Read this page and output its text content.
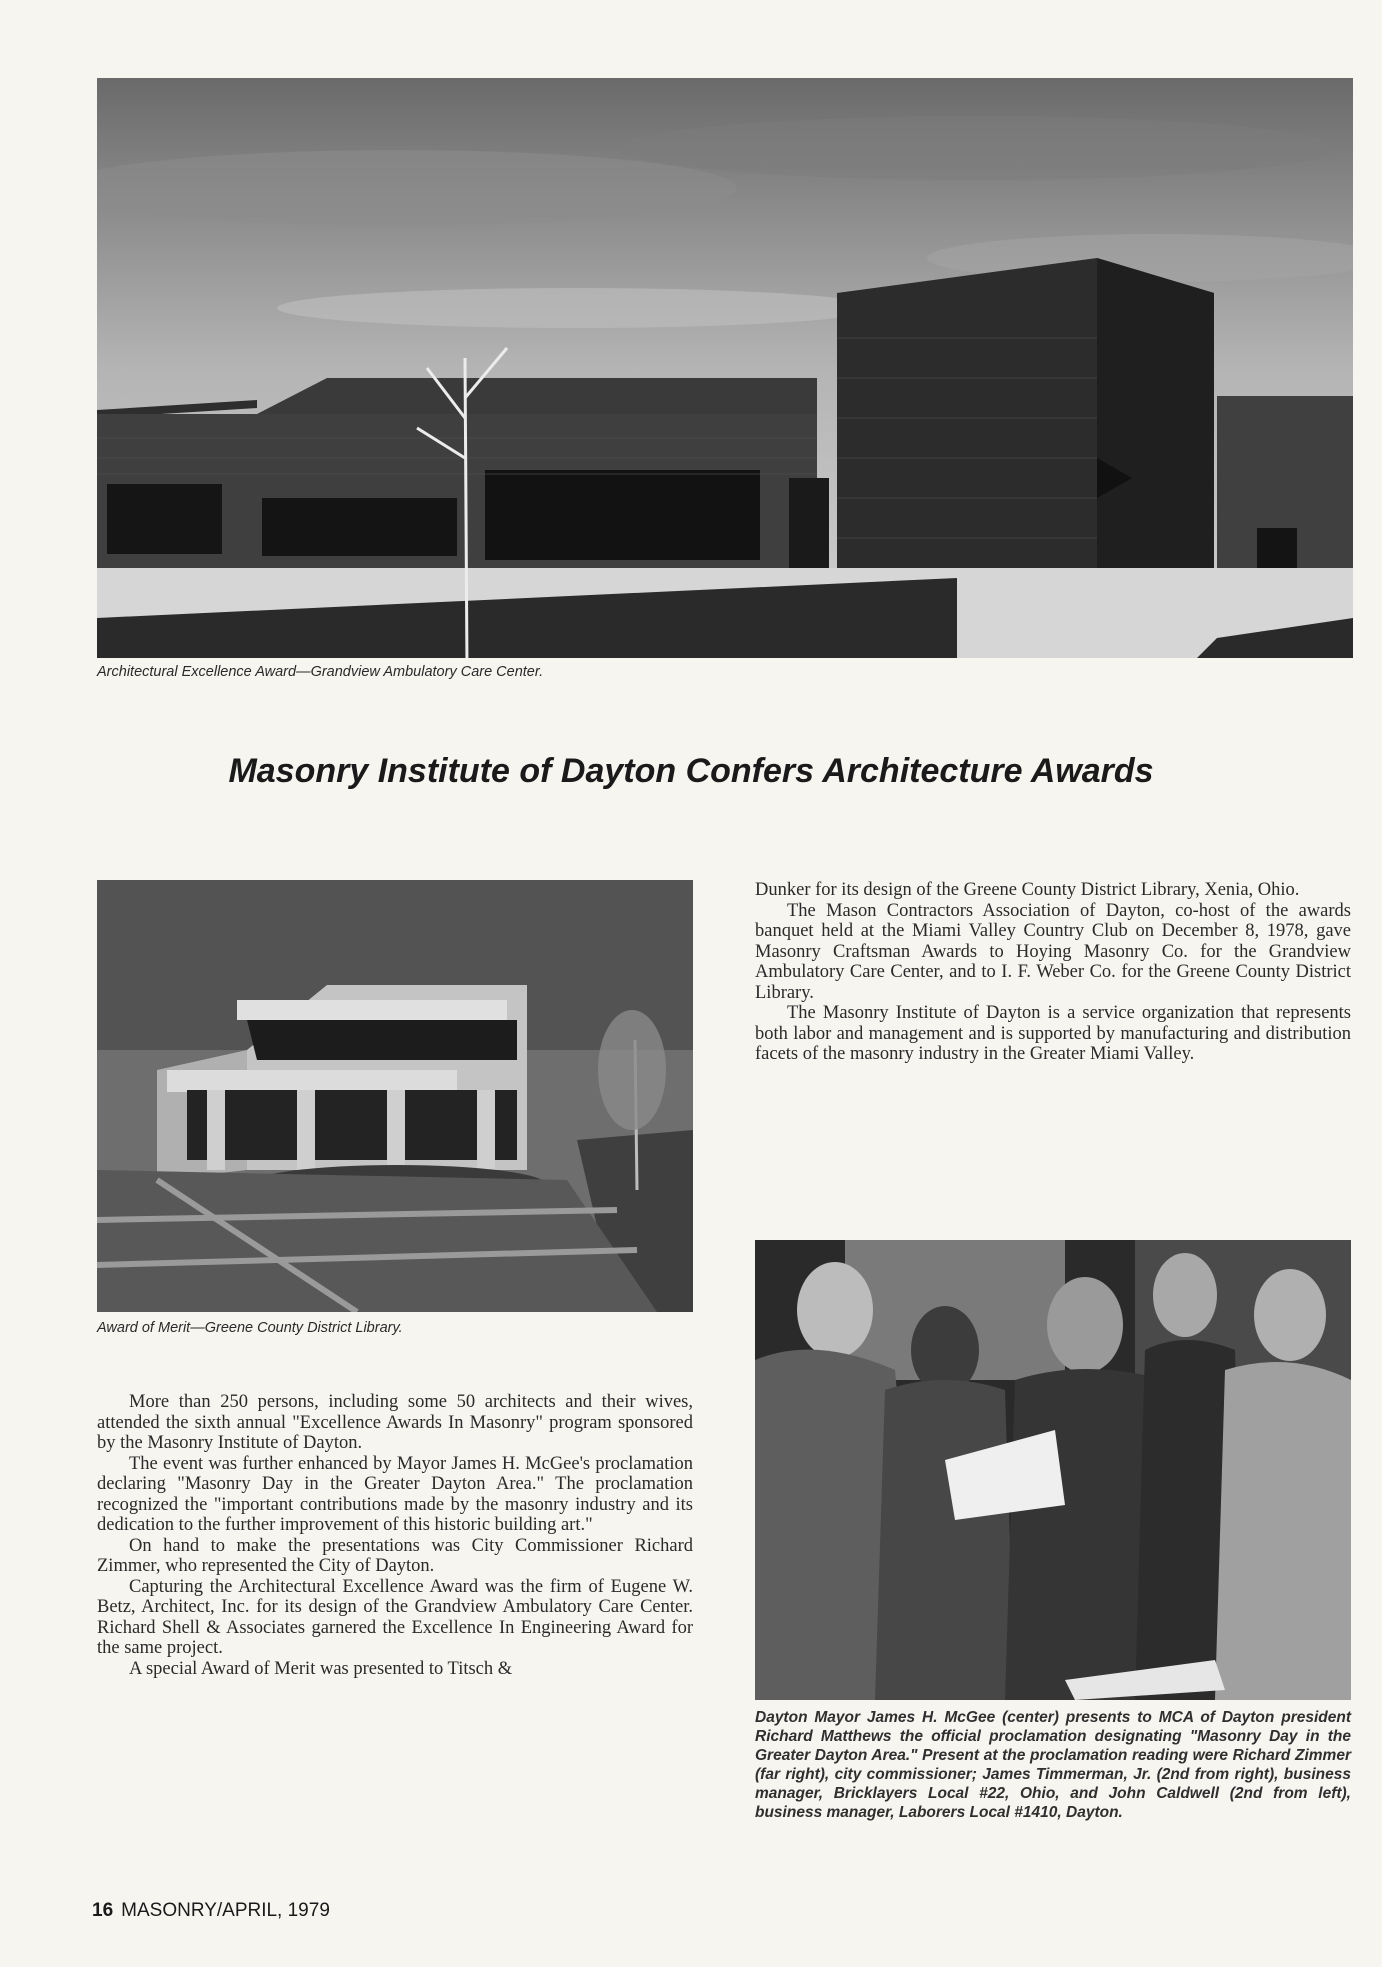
Architectural Excellence Award—Grandview Ambulatory Care Center.

Masonry Institute of Dayton Confers Architecture Awards

Award of Merit—Greene County District Library.

More than 250 persons, including some 50 architects and their wives, attended the sixth annual "Excellence Awards In Masonry" program sponsored by the Masonry Institute of Dayton.

The event was further enhanced by Mayor James H. McGee's proclamation declaring "Masonry Day in the Greater Dayton Area." The proclamation recognized the "important contributions made by the masonry industry and its dedication to the further improvement of this historic building art."

On hand to make the presentations was City Commissioner Richard Zimmer, who represented the City of Dayton.

Capturing the Architectural Excellence Award was the firm of Eugene W. Betz, Architect, Inc. for its design of the Grandview Ambulatory Care Center. Richard Shell & Associates garnered the Excellence In Engineering Award for the same project.

A special Award of Merit was presented to Titsch &

Dunker for its design of the Greene County District Library, Xenia, Ohio.

The Mason Contractors Association of Dayton, co-host of the awards banquet held at the Miami Valley Country Club on December 8, 1978, gave Masonry Craftsman Awards to Hoying Masonry Co. for the Grandview Ambulatory Care Center, and to I. F. Weber Co. for the Greene County District Library.

The Masonry Institute of Dayton is a service organization that represents both labor and management and is supported by manufacturing and distribution facets of the masonry industry in the Greater Miami Valley.

Dayton Mayor James H. McGee (center) presents to MCA of Dayton president Richard Matthews the official proclamation designating "Masonry Day in the Greater Dayton Area." Present at the proclamation reading were Richard Zimmer (far right), city commissioner; James Timmerman, Jr. (2nd from right), business manager, Bricklayers Local #22, Ohio, and John Caldwell (2nd from left), business manager, Laborers Local #1410, Dayton.

16 MASONRY/APRIL, 1979
